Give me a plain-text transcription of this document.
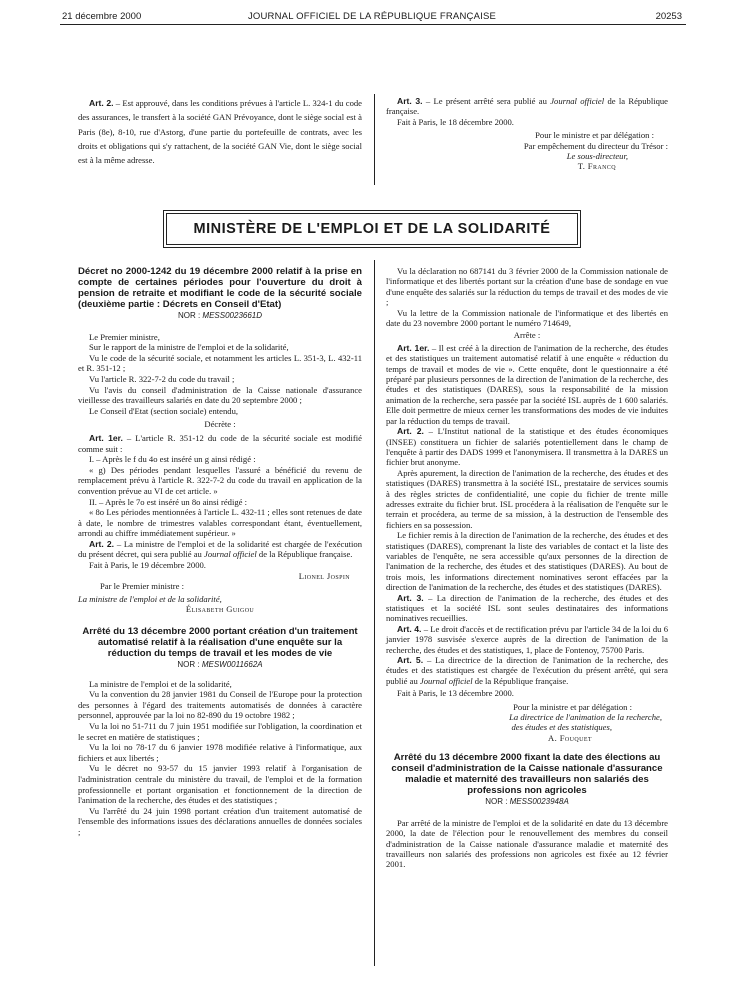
21 décembre 2000	JOURNAL OFFICIEL DE LA RÉPUBLIQUE FRANÇAISE	20253

Art. 2. – Est approuvé, dans les conditions prévues à l'article L. 324-1 du code des assurances, le transfert à la société GAN Prévoyance, dont le siège social est à Paris (8e), 8-10, rue d'Astorg, d'une partie du portefeuille de contrats, avec les droits et obligations qui s'y rattachent, de la société GAN Vie, dont le siège social est à la même adresse.

Art. 3. – Le présent arrêté sera publié au Journal officiel de la République française.

Fait à Paris, le 18 décembre 2000.

Pour le ministre et par délégation :

Par empêchement du directeur du Trésor :

Le sous-directeur,

T. Francq

MINISTÈRE DE L'EMPLOI ET DE LA SOLIDARITÉ

Décret no 2000-1242 du 19 décembre 2000 relatif à la prise en compte de certaines périodes pour l'ouverture du droit à pension de retraite et modifiant le code de la sécurité sociale (deuxième partie : Décrets en Conseil d'Etat)

NOR : MESS0023661D

Le Premier ministre,

Sur le rapport de la ministre de l'emploi et de la solidarité,

Vu le code de la sécurité sociale, et notamment les articles L. 351-3, L. 432-11 et R. 351-12 ;

Vu l'article R. 322-7-2 du code du travail ;

Vu l'avis du conseil d'administration de la Caisse nationale d'assurance vieillesse des travailleurs salariés en date du 20 septembre 2000 ;

Le Conseil d'Etat (section sociale) entendu,

Décrète :

Art. 1er. – L'article R. 351-12 du code de la sécurité sociale est modifié comme suit :

I. – Après le f du 4o est inséré un g ainsi rédigé :

« g) Des périodes pendant lesquelles l'assuré a bénéficié du revenu de remplacement prévu à l'article R. 322-7-2 du code du travail en application de la convention prévue au VI de cet article. »

II. – Après le 7o est inséré un 8o ainsi rédigé :

« 8o Les périodes mentionnées à l'article L. 432-11 ; elles sont retenues de date à date, le nombre de trimestres valables correspondant étant, éventuellement, arrondi au chiffre immédiatement supérieur. »

Art. 2. – La ministre de l'emploi et de la solidarité est chargée de l'exécution du présent décret, qui sera publié au Journal officiel de la République française.

Fait à Paris, le 19 décembre 2000.

Lionel Jospin

Par le Premier ministre :

La ministre de l'emploi et de la solidarité,

Élisabeth Guigou

Arrêté du 13 décembre 2000 portant création d'un traitement automatisé relatif à la réalisation d'une enquête sur la réduction du temps de travail et les modes de vie

NOR : MESW0011662A

La ministre de l'emploi et de la solidarité,

Vu la convention du 28 janvier 1981 du Conseil de l'Europe pour la protection des personnes à l'égard des traitements automatisés de données à caractère personnel, approuvée par la loi no 82-890 du 19 octobre 1982 ;

Vu la loi no 51-711 du 7 juin 1951 modifiée sur l'obligation, la coordination et le secret en matière de statistiques ;

Vu la loi no 78-17 du 6 janvier 1978 modifiée relative à l'informatique, aux fichiers et aux libertés ;

Vu le décret no 93-57 du 15 janvier 1993 relatif à l'organisation de l'administration centrale du ministère du travail, de l'emploi et de la formation professionnelle et portant organisation et fonctionnement de la direction de l'animation de la recherche, des études et des statistiques ;

Vu l'arrêté du 24 juin 1998 portant création d'un traitement automatisé de l'ensemble des informations issues des déclarations annuelles de données sociales ;

Vu la déclaration no 687141 du 3 février 2000 de la Commission nationale de l'informatique et des libertés portant sur la création d'une base de sondage en vue d'une enquête des salariés sur la réduction du temps de travail et des modes de vie ;

Vu la lettre de la Commission nationale de l'informatique et des libertés en date du 23 novembre 2000 portant le numéro 714649,

Arrête :

Art. 1er. – Il est créé à la direction de l'animation de la recherche, des études et des statistiques un traitement automatisé relatif à une enquête « réduction du temps de travail et modes de vie ». Cette enquête, dont le questionnaire a été préparé par plusieurs personnes de la direction de l'animation de la recherche, des études et des statistiques (DARES), sous la responsabilité de la mission animation de la recherche, sera passée par la société ISL auprès de 1 600 salariés. Elle doit permettre de mieux cerner les transformations des modes de vie induites par la réduction du temps de travail.

Art. 2. – L'Institut national de la statistique et des études économiques (INSEE) constituera un fichier de salariés potentiellement dans le champ de l'enquête à partir des DADS 1999 et l'anonymisera. Il transmettra à la DARES un fichier brut anonyme.

Après apurement, la direction de l'animation de la recherche, des études et des statistiques (DARES) transmettra à la société ISL, prestataire de services soumis à des règles strictes de confidentialité, une copie du fichier de trente mille adresses extraite du fichier brut. ISL procédera à la réalisation de l'enquête sur le terrain et procédera, au terme de sa mission, à la destruction de l'ensemble des fichiers en sa possession.

Le fichier remis à la direction de l'animation de la recherche, des études et des statistiques (DARES), comprenant la liste des variables de contact et la liste des variables de l'enquête, ne sera accessible qu'aux personnes de la direction de l'animation de la recherche, des études et des statistiques (DARES). Au bout de trois mois, les informations directement nominatives seront effacées par la direction de l'animation de la recherche, des études et des statistiques (DARES).

Art. 3. – La direction de l'animation de la recherche, des études et des statistiques et la société ISL sont seules destinataires des informations nominatives recueillies.

Art. 4. – Le droit d'accès et de rectification prévu par l'article 34 de la loi du 6 janvier 1978 susvisée s'exerce auprès de la direction de l'animation de la recherche, des études et des statistiques, 1, place de Fontenoy, 75700 Paris.

Art. 5. – La directrice de la direction de l'animation de la recherche, des études et des statistiques est chargée de l'exécution du présent arrêté, qui sera publié au Journal officiel de la République française.

Fait à Paris, le 13 décembre 2000.

Pour la ministre et par délégation :

La directrice de l'animation de la recherche,

des études et des statistiques,

A. Fouquet

Arrêté du 13 décembre 2000 fixant la date des élections au conseil d'administration de la Caisse nationale d'assurance maladie et maternité des travailleurs non salariés des professions non agricoles

NOR : MESS0023948A

Par arrêté de la ministre de l'emploi et de la solidarité en date du 13 décembre 2000, la date de l'élection pour le renouvellement des membres du conseil d'administration de la Caisse nationale d'assurance maladie et maternité des travailleurs non salariés des professions non agricoles est fixée au 12 février 2001.
